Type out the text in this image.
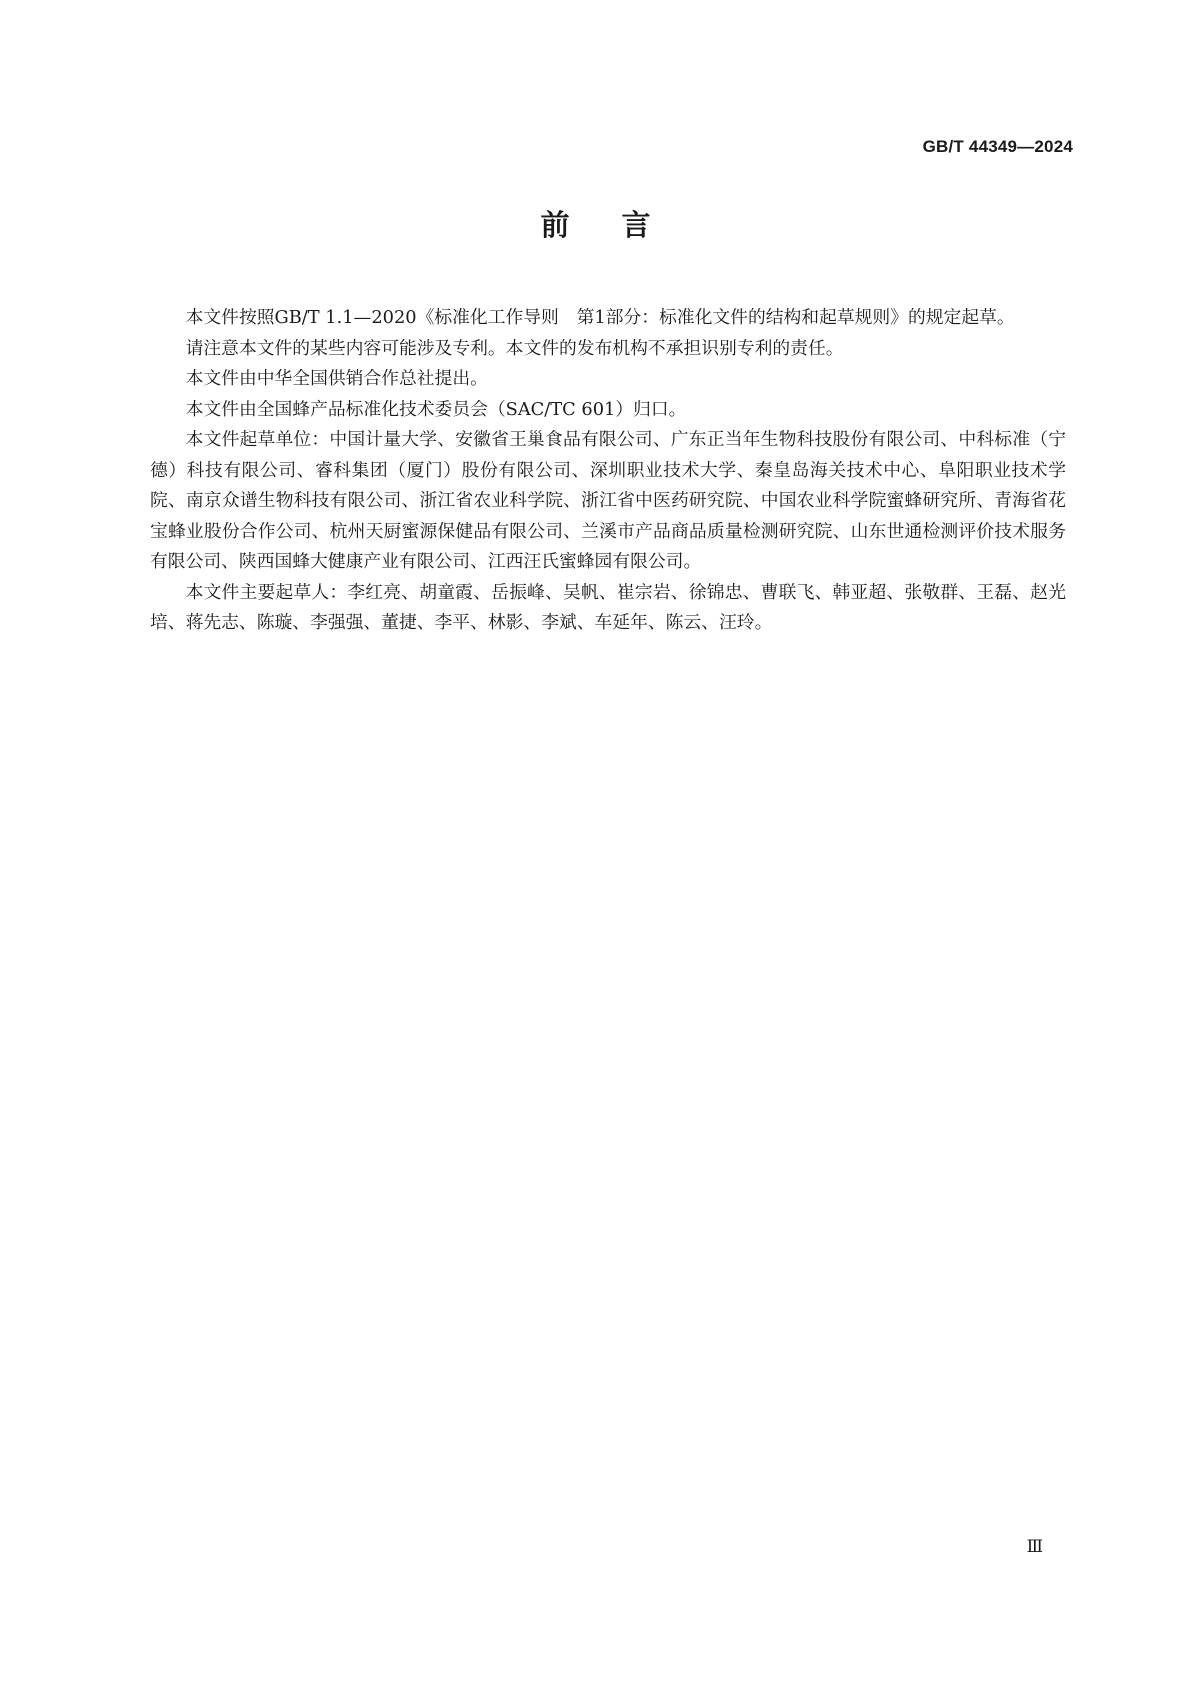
GB/T 44349—2024

前言

本文件按照GB/T 1.1—2020《标准化工作导则　第1部分：标准化文件的结构和起草规则》的规定起草。

请注意本文件的某些内容可能涉及专利。本文件的发布机构不承担识别专利的责任。

本文件由中华全国供销合作总社提出。

本文件由全国蜂产品标准化技术委员会（SAC/TC 601）归口。

本文件起草单位：中国计量大学、安徽省王巢食品有限公司、广东正当年生物科技股份有限公司、中科标准（宁德）科技有限公司、睿科集团（厦门）股份有限公司、深圳职业技术大学、秦皇岛海关技术中心、阜阳职业技术学院、南京众谱生物科技有限公司、浙江省农业科学院、浙江省中医药研究院、中国农业科学院蜜蜂研究所、青海省花宝蜂业股份合作公司、杭州天厨蜜源保健品有限公司、兰溪市产品商品质量检测研究院、山东世通检测评价技术服务有限公司、陕西国蜂大健康产业有限公司、江西汪氏蜜蜂园有限公司。

本文件主要起草人：李红亮、胡童霞、岳振峰、吴帆、崔宗岩、徐锦忠、曹联飞、韩亚超、张敬群、王磊、赵光培、蒋先志、陈璇、李强强、董捷、李平、林影、李斌、车延年、陈云、汪玲。

Ⅲ
